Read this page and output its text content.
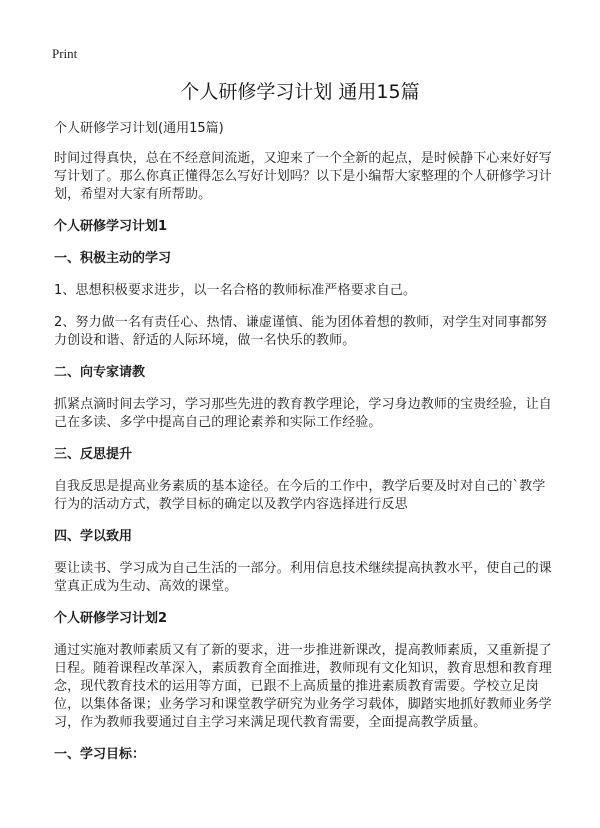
Print
个人研修学习计划 通用15篇

个人研修学习计划(通用15篇)

时间过得真快，总在不经意间流逝，又迎来了一个全新的起点，是时候静下心来好好写写计划了。那么你真正懂得怎么写好计划吗？以下是小编帮大家整理的个人研修学习计划，希望对大家有所帮助。

个人研修学习计划1
一、积极主动的学习

1、思想积极要求进步，以一名合格的教师标准严格要求自己。

2、努力做一名有责任心、热情、谦虚谨慎、能为团体着想的教师，对学生对同事都努力创设和谐、舒适的人际环境，做一名快乐的教师。

二、向专家请教

抓紧点滴时间去学习，学习那些先进的教育教学理论，学习身边教师的宝贵经验，让自己在多读、多学中提高自己的理论素养和实际工作经验。

三、反思提升

自我反思是提高业务素质的基本途径。在今后的工作中，教学后要及时对自己的`教学行为的活动方式，教学目标的确定以及教学内容选择进行反思

四、学以致用

要让读书、学习成为自己生活的一部分。利用信息技术继续提高执教水平，使自己的课堂真正成为生动、高效的课堂。

个人研修学习计划2

通过实施对教师素质又有了新的要求，进一步推进新课改，提高教师素质，又重新提了日程。随着课程改革深入，素质教育全面推进，教师现有文化知识，教育思想和教育理念，现代教育技术的运用等方面，已跟不上高质量的推进素质教育需要。学校立足岗位，以集体备课；业务学习和课堂教学研究为业务学习载体，脚踏实地抓好教师业务学习，作为教师我要通过自主学习来满足现代教育需要，全面提高教学质量。

一、学习目标：
